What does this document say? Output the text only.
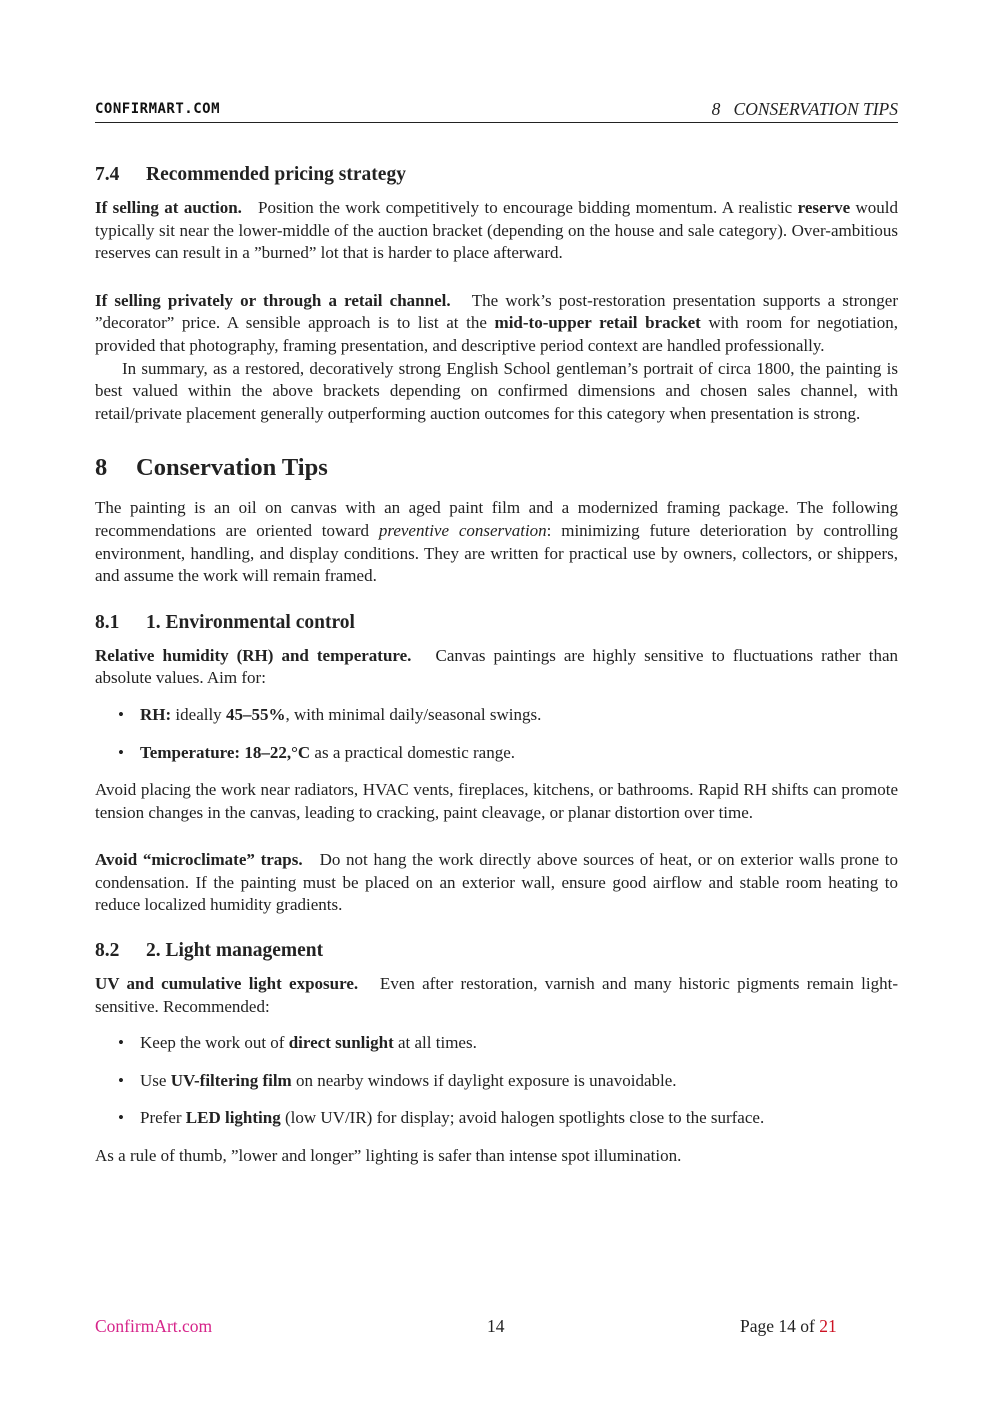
CONFIRMART.COM	8   CONSERVATION TIPS
7.4 Recommended pricing strategy

If selling at auction.   Position the work competitively to encourage bidding momentum. A realistic reserve would typically sit near the lower-middle of the auction bracket (depending on the house and sale category). Over-ambitious reserves can result in a ”burned” lot that is harder to place afterward.

If selling privately or through a retail channel.   The work’s post-restoration presentation supports a stronger ”decorator” price. A sensible approach is to list at the mid-to-upper retail bracket with room for negotiation, provided that photography, framing presentation, and descriptive period context are handled professionally.

In summary, as a restored, decoratively strong English School gentleman’s portrait of circa 1800, the painting is best valued within the above brackets depending on confirmed dimensions and chosen sales channel, with retail/private placement generally outperforming auction outcomes for this category when presentation is strong.

8 Conservation Tips

The painting is an oil on canvas with an aged paint film and a modernized framing package. The following recommendations are oriented toward preventive conservation: minimizing future deterioration by controlling environment, handling, and display conditions. They are written for practical use by owners, collectors, or shippers, and assume the work will remain framed.

8.1 1. Environmental control

Relative humidity (RH) and temperature.   Canvas paintings are highly sensitive to fluctuations rather than absolute values. Aim for:

• RH: ideally 45–55%, with minimal daily/seasonal swings.
• Temperature: 18–22,°C as a practical domestic range.

Avoid placing the work near radiators, HVAC vents, fireplaces, kitchens, or bathrooms. Rapid RH shifts can promote tension changes in the canvas, leading to cracking, paint cleavage, or planar distortion over time.

Avoid “microclimate” traps.   Do not hang the work directly above sources of heat, or on exterior walls prone to condensation. If the painting must be placed on an exterior wall, ensure good airflow and stable room heating to reduce localized humidity gradients.

8.2 2. Light management

UV and cumulative light exposure.   Even after restoration, varnish and many historic pigments remain light-sensitive. Recommended:

• Keep the work out of direct sunlight at all times.
• Use UV-filtering film on nearby windows if daylight exposure is unavoidable.
• Prefer LED lighting (low UV/IR) for display; avoid halogen spotlights close to the surface.

As a rule of thumb, ”lower and longer” lighting is safer than intense spot illumination.

ConfirmArt.com	14	Page 14 of 21
